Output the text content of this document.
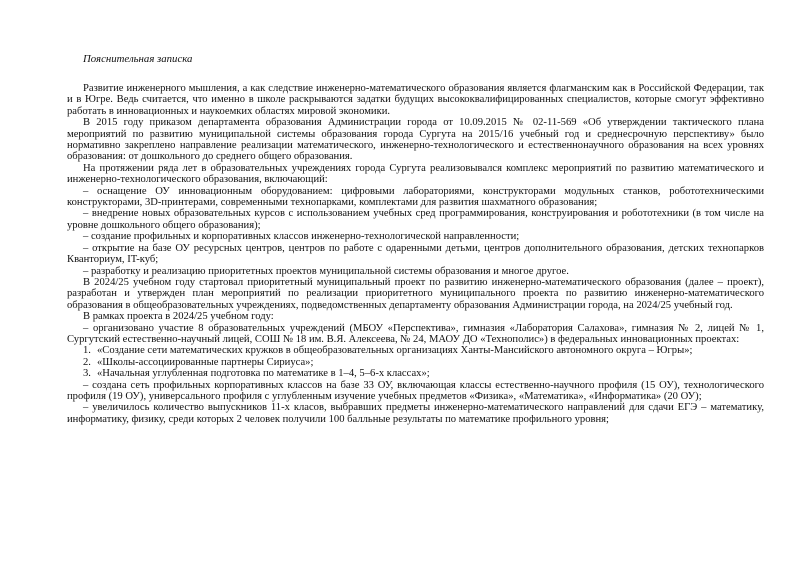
Пояснительная записка

Развитие инженерного мышления, а как следствие инженерно-математического образования является флагманским как в Российской Федерации, так и в Югре. Ведь считается, что именно в школе раскрываются задатки будущих высококвалифицированных специалистов, которые смогут эффективно работать в инновационных и наукоемких областях мировой экономики.

В 2015 году приказом департамента образования Администрации города от 10.09.2015 № 02-11-569 «Об утверждении тактического плана мероприятий по развитию муниципальной системы образования города Сургута на 2015/16 учебный год и среднесрочную перспективу» было нормативно закреплено направление реализации математического, инженерно-технологического и естественнонаучного образования на всех уровнях образования: от дошкольного до среднего общего образования.

На протяжении ряда лет в образовательных учреждениях города Сургута реализовывался комплекс мероприятий по развитию математического и инженерно-технологического образования, включающий:

– оснащение ОУ инновационным оборудованием: цифровыми лабораториями, конструкторами модульных станков, робототехническими конструкторами, 3D-принтерами, современными технопарками, комплектами для развития шахматного образования;

– внедрение новых образовательных курсов с использованием учебных сред программирования, конструирования и робототехники (в том числе на уровне дошкольного общего образования);

– создание профильных и корпоративных классов инженерно-технологической направленности;

– открытие на базе ОУ ресурсных центров, центров по работе с одаренными детьми, центров дополнительного образования, детских технопарков Кванториум, IT-куб;

– разработку и реализацию приоритетных проектов муниципальной системы образования и многое другое.

В 2024/25 учебном году стартовал приоритетный муниципальный проект по развитию инженерно-математического образования (далее – проект), разработан и утвержден план мероприятий по реализации приоритетного муниципального проекта по развитию инженерно-математического образования в общеобразовательных учреждениях, подведомственных департаменту образования Администрации города, на 2024/25 учебный год.

В рамках проекта в 2024/25 учебном году:

– организовано участие 8 образовательных учреждений (МБОУ «Перспектива», гимназия «Лаборатория Салахова», гимназия № 2, лицей № 1, Сургутский естественно-научный лицей, СОШ № 18 им. В.Я. Алексеева, № 24, МАОУ ДО «Технополис») в федеральных инновационных проектах:

1. «Создание сети математических кружков в общеобразовательных организациях Ханты-Мансийского автономного округа – Югры»;

2. «Школы-ассоциированные партнеры Сириуса»;

3. «Начальная углубленная подготовка по математике в 1–4, 5–6-х классах»;

– создана сеть профильных корпоративных классов на базе 33 ОУ, включающая классы естественно-научного профиля (15 ОУ), технологического профиля (19 ОУ), универсального профиля с углубленным изучение учебных предметов «Физика», «Математика», «Информатика» (20 ОУ);

– увеличилось количество выпускников 11-х класов, выбравших предметы инженерно-математического направлений для сдачи ЕГЭ – математику, информатику, физику, среди которых 2 человек получили 100 балльные результаты по математике профильного уровня;
